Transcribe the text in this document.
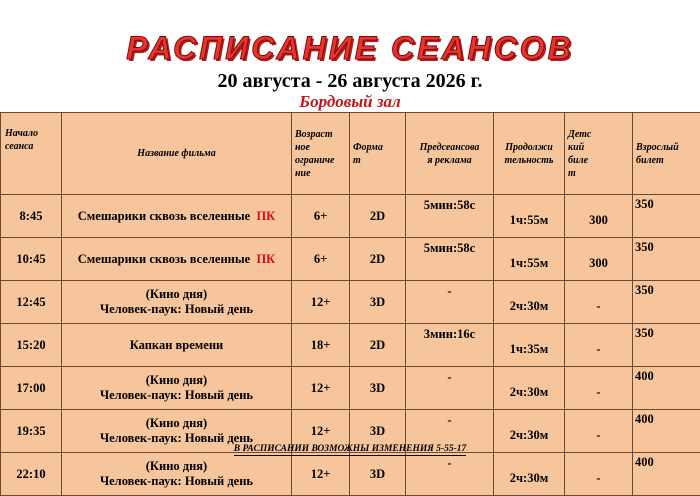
РАСПИСАНИЕ СЕАНСОВ
20 августа - 26 августа 2026 г.
Бордовый зал
Начало
сеанса	Название фильма	Возраст
ное
ограниче
ние	Форма
т	Предсеансова
я реклама	Продолжи
тельность	Детс
кий
биле
т	Взрослый
билет
8:45	Смешарики сквозь вселенные ПК	6+	2D	5мин:58с	1ч:55м	300	350
10:45	Смешарики сквозь вселенные ПК	6+	2D	5мин:58с	1ч:55м	300	350
12:45	(Кино дня)
Человек-паук: Новый день	12+	3D	-	2ч:30м	-	350
15:20	Капкан времени	18+	2D	3мин:16с	1ч:35м	-	350
17:00	(Кино дня)
Человек-паук: Новый день	12+	3D	-	2ч:30м	-	400
19:35	(Кино дня)
Человек-паук: Новый день	12+	3D	-	2ч:30м	-	400
22:10	(Кино дня)
Человек-паук: Новый день	12+	3D	-	2ч:30м	-	400
В РАСПИСАНИИ ВОЗМОЖНЫ ИЗМЕНЕНИЯ 5-55-17
